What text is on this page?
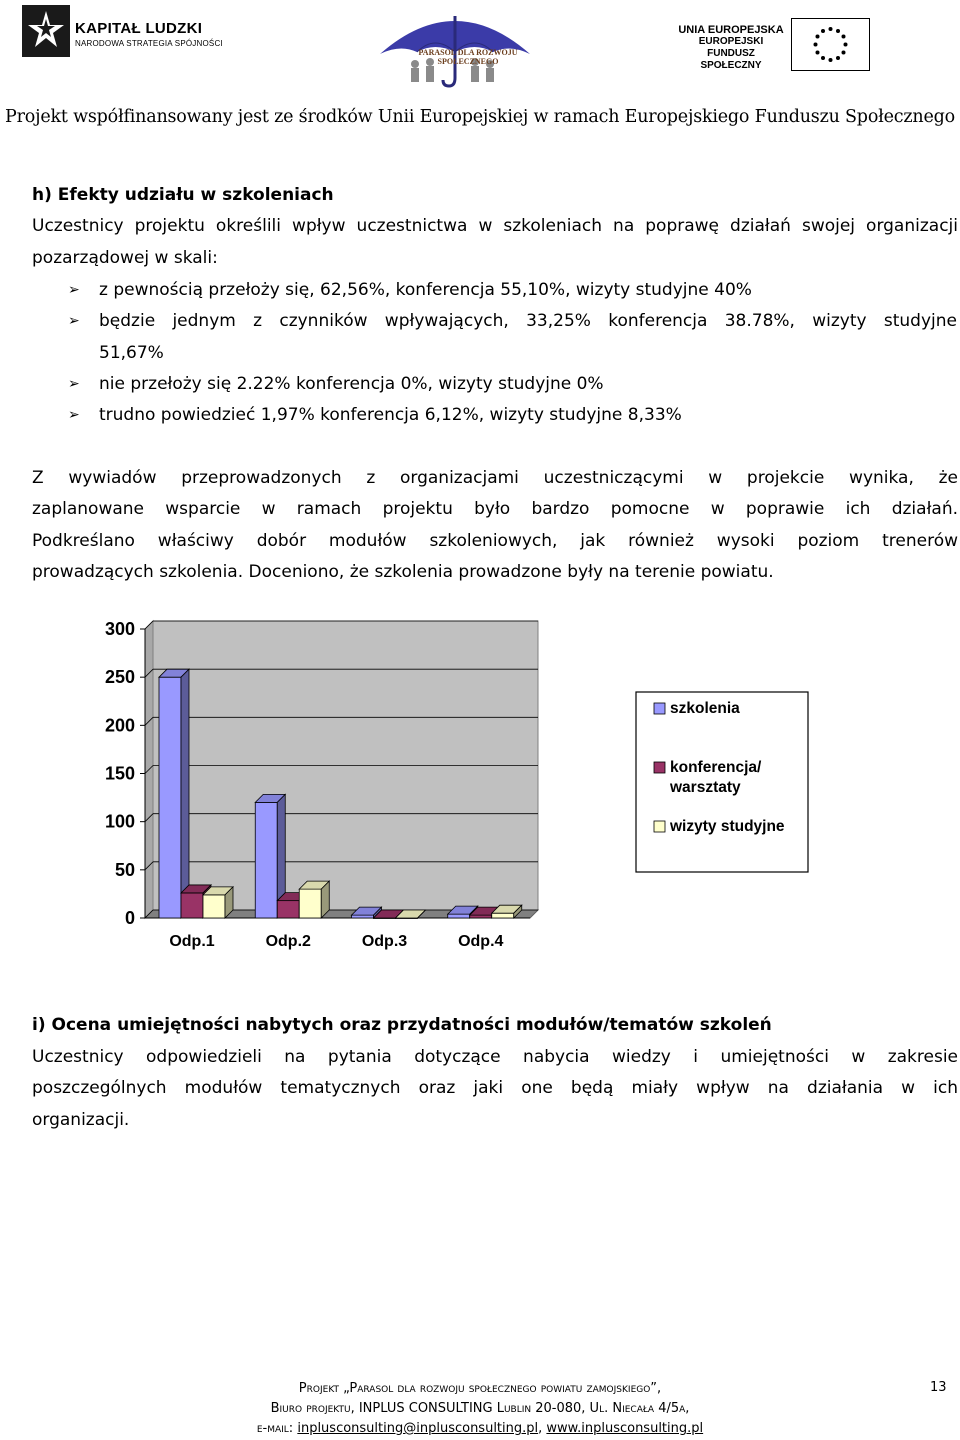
KAPITAŁ LUDZKI
NARODOWA STRATEGIA SPÓJNOŚCI
PARASOL DLA ROZWOJU SPOŁECZNEGO
UNIA EUROPEJSKA
EUROPEJSKI
FUNDUSZ SPOŁECZNY
Projekt współfinansowany jest ze środków Unii Europejskiej w ramach Europejskiego Funduszu Społecznego
h) Efekty udziału w szkoleniach
Uczestnicy projektu określili wpływ uczestnictwa w szkoleniach na poprawę działań swojej organizacji
pozarządowej w skali:
➢ z pewnością przełoży się, 62,56%, konferencja 55,10%, wizyty studyjne 40%
➢ będzie jednym z czynników wpływających, 33,25% konferencja 38.78%, wizyty studyjne
51,67%
➢ nie przełoży się 2.22% konferencja 0%, wizyty studyjne 0%
➢ trudno powiedzieć 1,97% konferencja 6,12%, wizyty studyjne 8,33%
Z wywiadów przeprowadzonych z organizacjami uczestniczącymi w projekcie wynika, że
zaplanowane wsparcie w ramach projektu było bardzo pomocne w poprawie ich działań.
Podkreślano właściwy dobór modułów szkoleniowych, jak również wysoki poziom trenerów
prowadzących szkolenia. Doceniono, że szkolenia prowadzone były na terenie powiatu.
0
50
100
150
200
250
300
Odp.1	Odp.2	Odp.3	Odp.4
szkolenia
konferencja/
warsztaty
wizyty studyjne
i) Ocena umiejętności nabytych oraz przydatności modułów/tematów szkoleń
Uczestnicy odpowiedzieli na pytania dotyczące nabycia wiedzy i umiejętności w zakresie
poszczególnych modułów tematycznych oraz jaki one będą miały wpływ na działania w ich
organizacji.
Projekt „Parasol dla rozwoju społecznego powiatu zamojskiego”,
Biuro projektu, INPLUS CONSULTING Lublin 20-080, Ul. Niecała 4/5a,
e-mail: inplusconsulting@inplusconsulting.pl, www.inplusconsulting.pl
13
